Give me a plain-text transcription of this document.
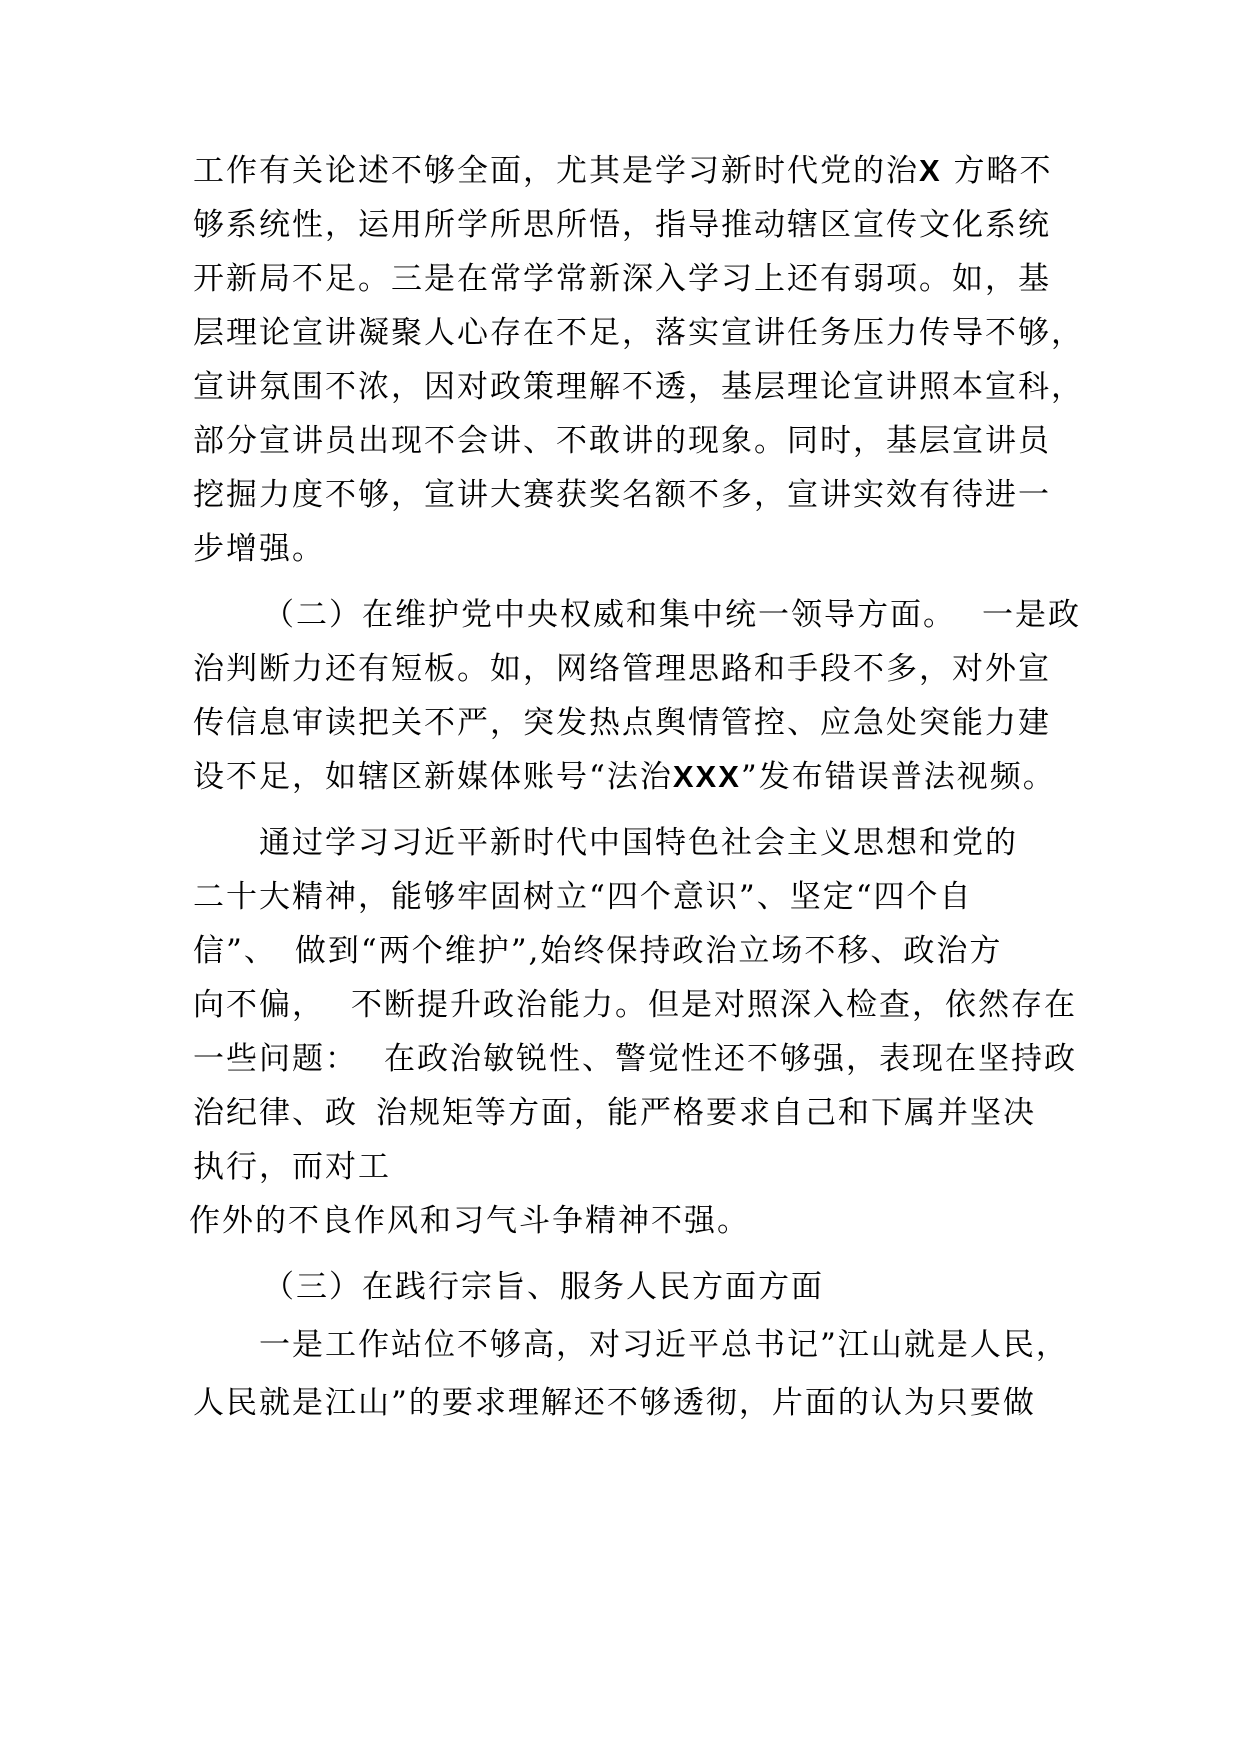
工作有关论述不够全面，尤其是学习新时代党的治X 方略不

够系统性，运用所学所思所悟，指导推动辖区宣传文化系统

开新局不足。三是在常学常新深入学习上还有弱项。如，基

层理论宣讲凝聚人心存在不足，落实宣讲任务压力传导不够，

宣讲氛围不浓，因对政策理解不透，基层理论宣讲照本宣科，

部分宣讲员出现不会讲、不敢讲的现象。同时，基层宣讲员

挖掘力度不够，宣讲大赛获奖名额不多，宣讲实效有待进一

步增强。

（二）在维护党中央权威和集中统一领导方面。 一是政

治判断力还有短板。如，网络管理思路和手段不多，对外宣

传信息审读把关不严，突发热点舆情管控、应急处突能力建

设不足，如辖区新媒体账号“法治XXX”发布错误普法视频。

通过学习习近平新时代中国特色社会主义思想和党的

二十大精神，能够牢固树立“四个意识”、坚定“四个自

信”、 做到“两个维护”,始终保持政治立场不移、政治方

向不偏， 不断提升政治能力。但是对照深入检查，依然存在

一些问题： 在政治敏锐性、警觉性还不够强，表现在坚持政

治纪律、政 治规矩等方面，能严格要求自己和下属并坚决

执行，而对工

作外的不良作风和习气斗争精神不强。

（三）在践行宗旨、服务人民方面方面

一是工作站位不够高，对习近平总书记”江山就是人民，

人民就是江山”的要求理解还不够透彻，片面的认为只要做
